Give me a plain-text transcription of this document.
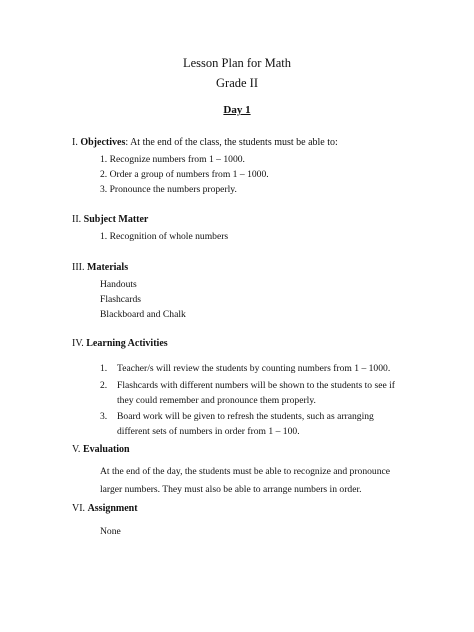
Lesson Plan for Math
Grade II
Day 1
I. Objectives: At the end of the class, the students must be able to:
1. Recognize numbers from 1 – 1000.
2. Order a group of numbers from 1 – 1000.
3. Pronounce the numbers properly.
II. Subject Matter
1. Recognition of whole numbers
III. Materials
Handouts
Flashcards
Blackboard and Chalk
IV. Learning Activities
1. Teacher/s will review the students by counting numbers from 1 – 1000.
2. Flashcards with different numbers will be shown to the students to see if
they could remember and pronounce them properly.
3. Board work will be given to refresh the students, such as arranging
different sets of numbers in order from 1 – 100.
V. Evaluation
At the end of the day, the students must be able to recognize and pronounce
larger numbers. They must also be able to arrange numbers in order.
VI. Assignment
None
